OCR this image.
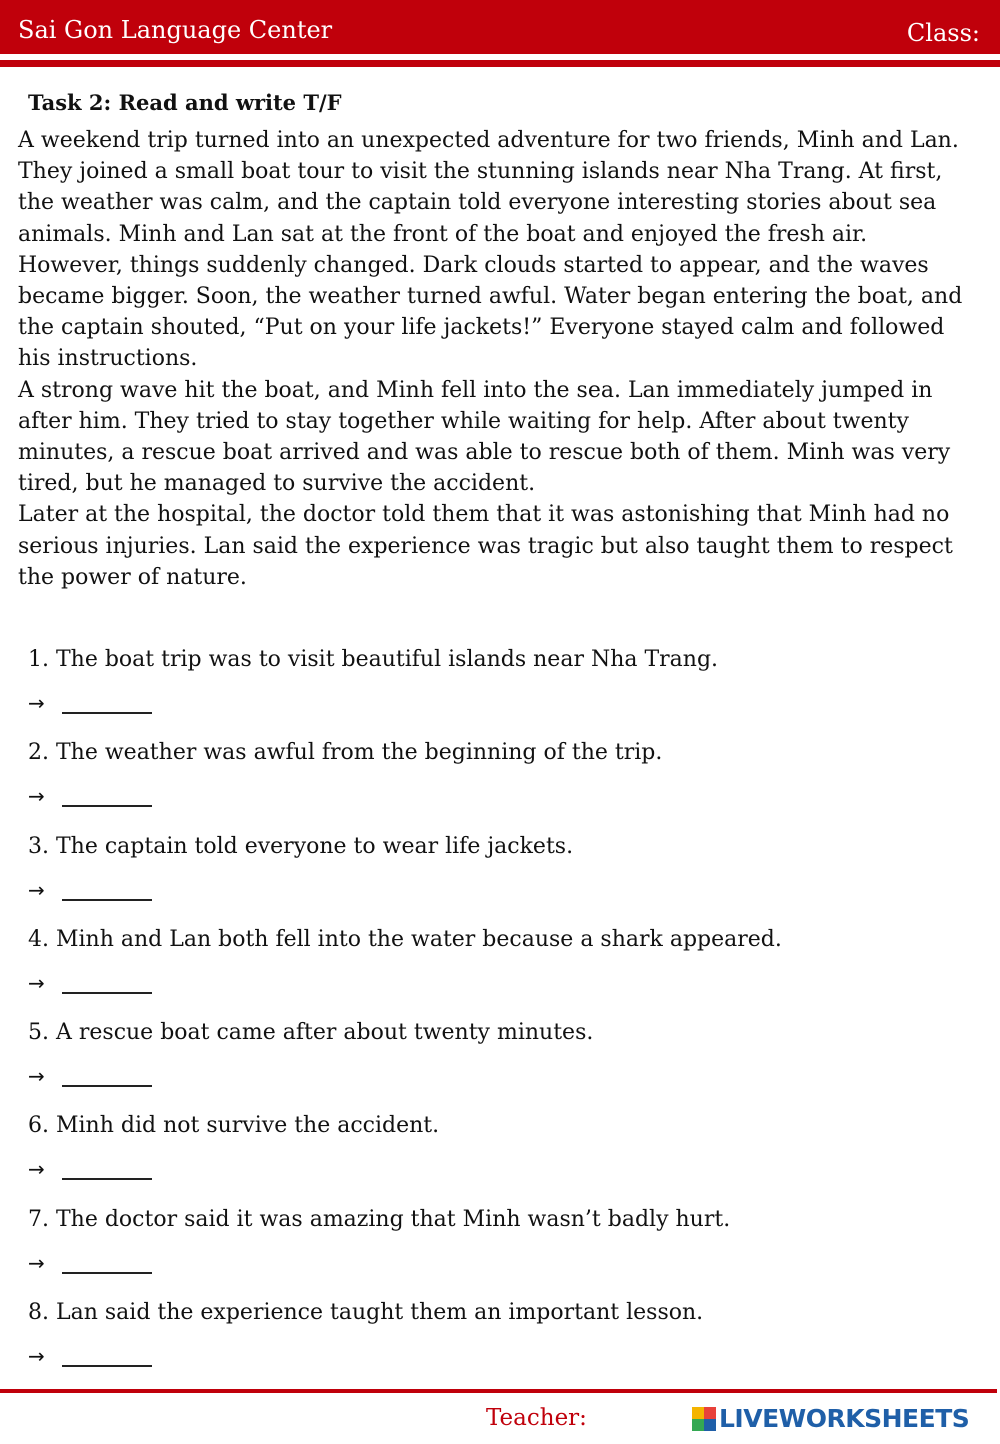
Sai Gon Language Center	Class:
Task 2: Read and write T/F

A weekend trip turned into an unexpected adventure for two friends, Minh and Lan. They joined a small boat tour to visit the stunning islands near Nha Trang. At first, the weather was calm, and the captain told everyone interesting stories about sea animals. Minh and Lan sat at the front of the boat and enjoyed the fresh air.

However, things suddenly changed. Dark clouds started to appear, and the waves became bigger. Soon, the weather turned awful. Water began entering the boat, and the captain shouted, “Put on your life jackets!” Everyone stayed calm and followed his instructions.

A strong wave hit the boat, and Minh fell into the sea. Lan immediately jumped in after him. They tried to stay together while waiting for help. After about twenty minutes, a rescue boat arrived and was able to rescue both of them. Minh was very tired, but he managed to survive the accident.

Later at the hospital, the doctor told them that it was astonishing that Minh had no serious injuries. Lan said the experience was tragic but also taught them to respect the power of nature.

1. The boat trip was to visit beautiful islands near Nha Trang.
→
2. The weather was awful from the beginning of the trip.
→
3. The captain told everyone to wear life jackets.
→
4. Minh and Lan both fell into the water because a shark appeared.
→
5. A rescue boat came after about twenty minutes.
→
6. Minh did not survive the accident.
→
7. The doctor said it was amazing that Minh wasn’t badly hurt.
→
8. Lan said the experience taught them an important lesson.
→
Teacher:	LIVEWORKSHEETS
